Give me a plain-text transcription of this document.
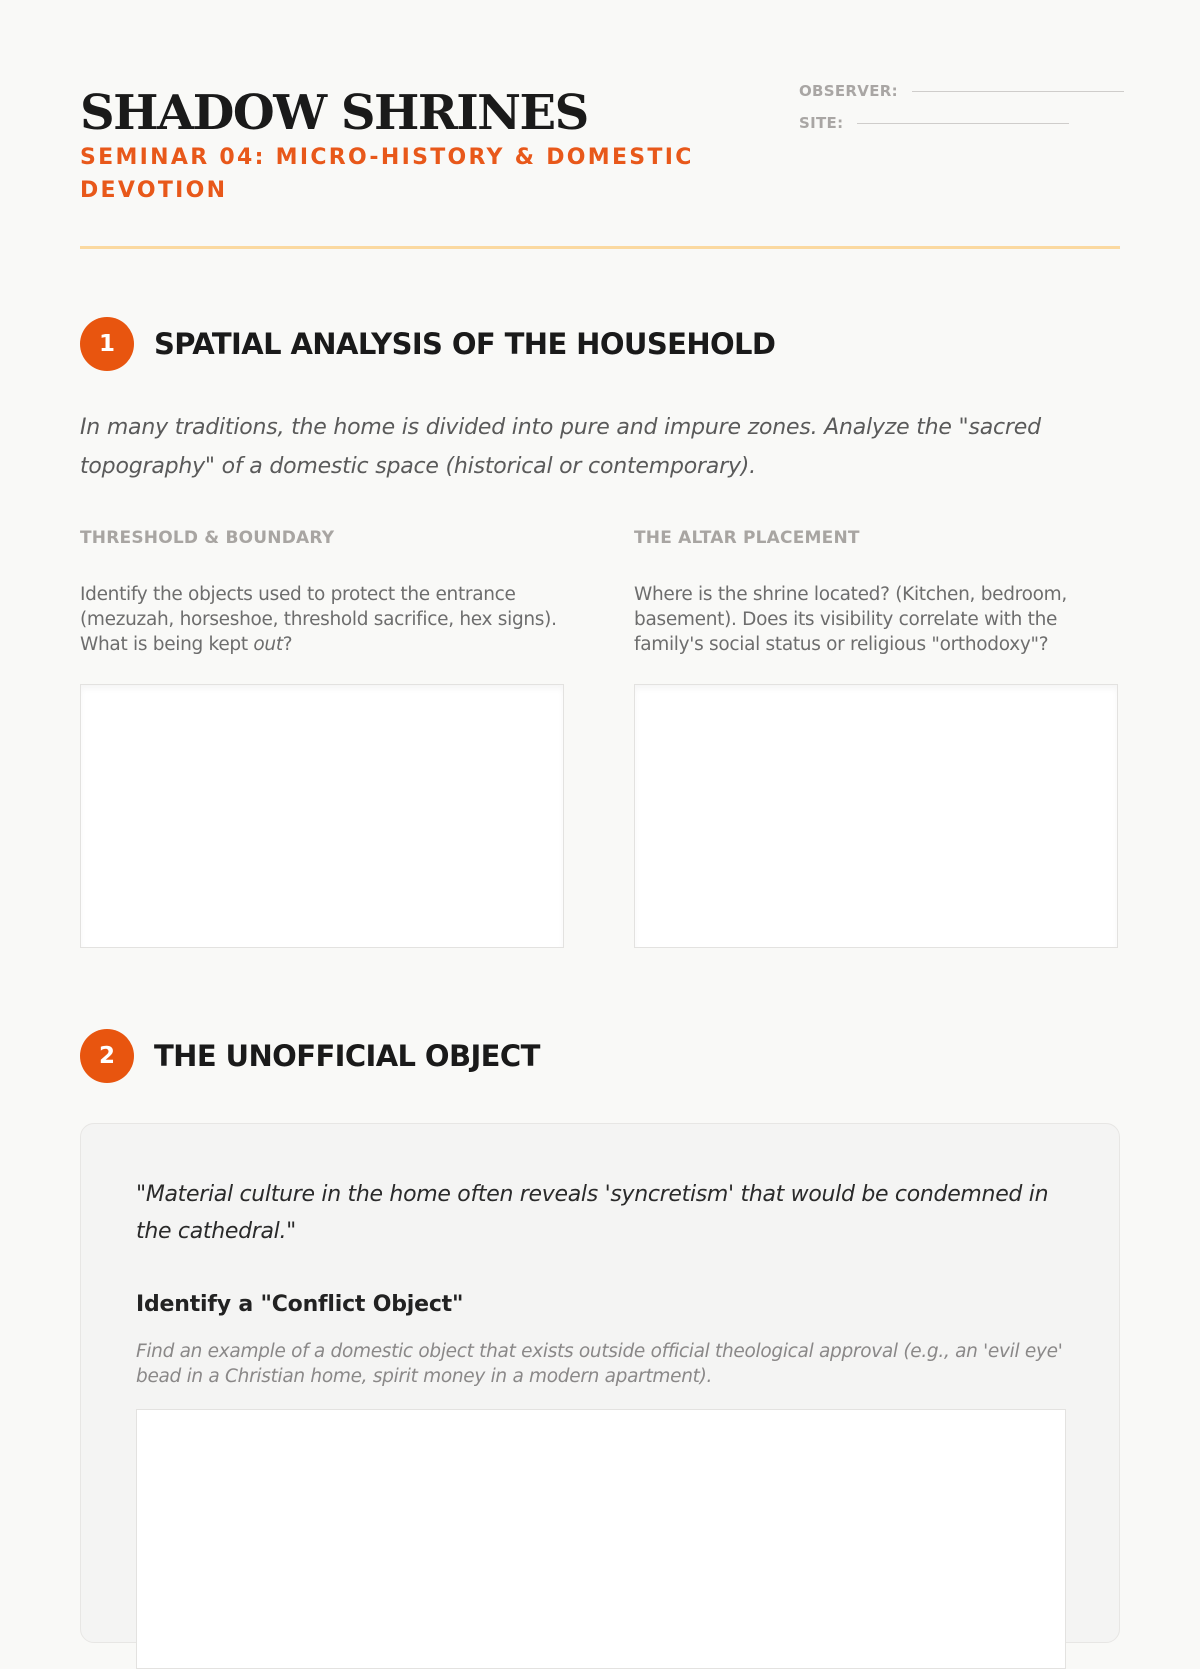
SHADOW SHRINES
SEMINAR 04: MICRO-HISTORY & DOMESTIC DEVOTION
OBSERVER:
SITE:
1	SPATIAL ANALYSIS OF THE HOUSEHOLD

In many traditions, the home is divided into pure and impure zones. Analyze the "sacred topography" of a domestic space (historical or contemporary).

THRESHOLD & BOUNDARY
Identify the objects used to protect the entrance (mezuzah, horseshoe, threshold sacrifice, hex signs). What is being kept out?
THE ALTAR PLACEMENT
Where is the shrine located? (Kitchen, bedroom, basement). Does its visibility correlate with the family's social status or religious "orthodoxy"?
2	THE UNOFFICIAL OBJECT

"Material culture in the home often reveals 'syncretism' that would be condemned in the cathedral."

Identify a "Conflict Object"

Find an example of a domestic object that exists outside official theological approval (e.g., an 'evil eye' bead in a Christian home, spirit money in a modern apartment).
